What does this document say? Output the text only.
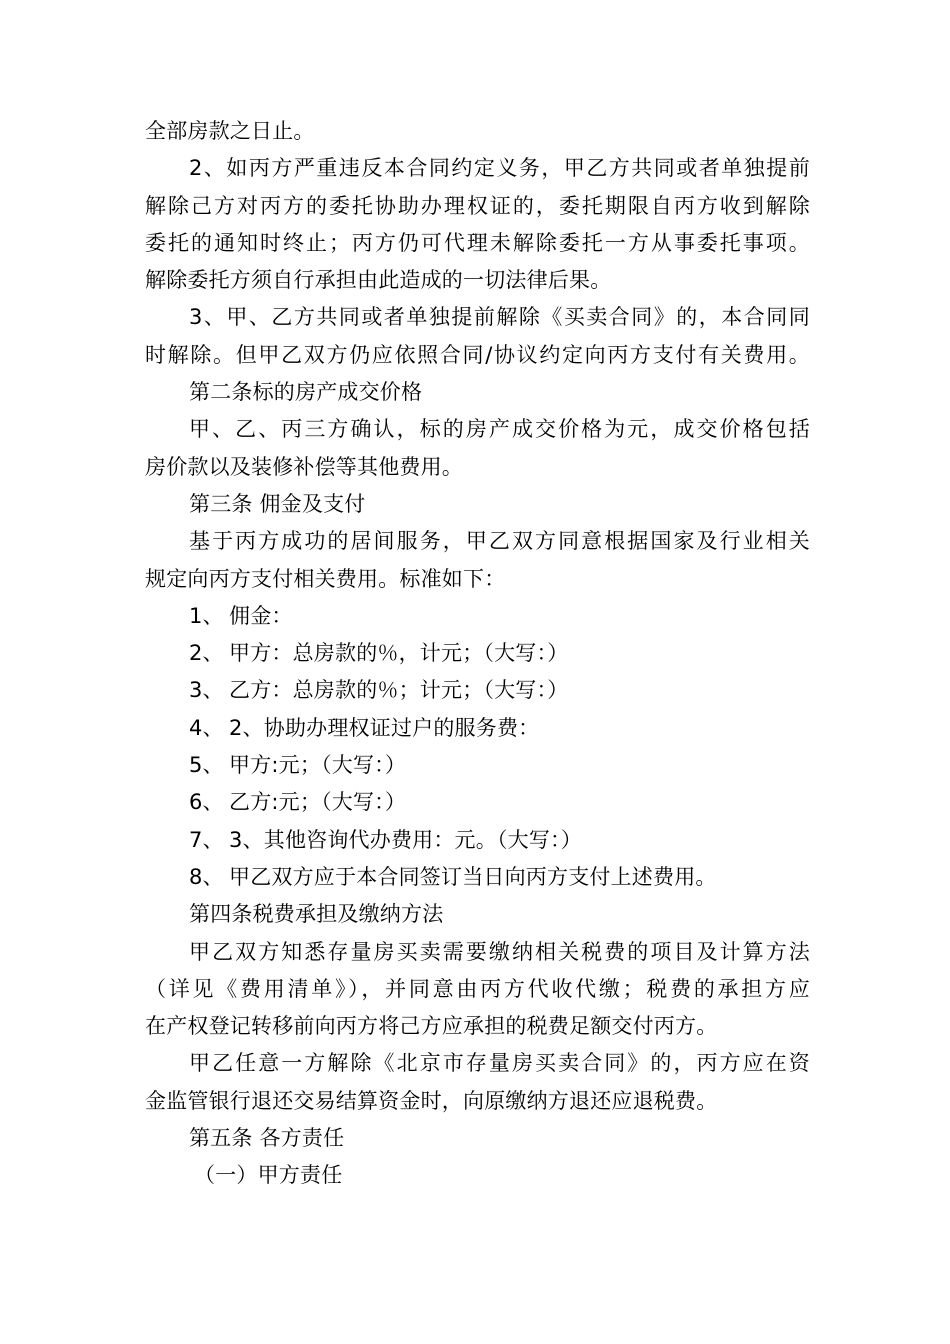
全部房款之日止。
2、如丙方严重违反本合同约定义务，甲乙方共同或者单独提前
解除己方对丙方的委托协助办理权证的，委托期限自丙方收到解除
委托的通知时终止；丙方仍可代理未解除委托一方从事委托事项。
解除委托方须自行承担由此造成的一切法律后果。
3、甲、乙方共同或者单独提前解除《买卖合同》的，本合同同
时解除。但甲乙双方仍应依照合同/协议约定向丙方支付有关费用。
第二条标的房产成交价格
甲、乙、丙三方确认，标的房产成交价格为元，成交价格包括
房价款以及装修补偿等其他费用。
第三条 佣金及支付
基于丙方成功的居间服务，甲乙双方同意根据国家及行业相关
规定向丙方支付相关费用。标准如下：
1、 佣金：
2、 甲方：总房款的％，计元；（大写：）
3、 乙方：总房款的％；计元；（大写：）
4、 2、协助办理权证过户的服务费：
5、 甲方:元；（大写：）
6、 乙方:元；（大写：）
7、 3、其他咨询代办费用：元。（大写：）
8、 甲乙双方应于本合同签订当日向丙方支付上述费用。
第四条税费承担及缴纳方法
甲乙双方知悉存量房买卖需要缴纳相关税费的项目及计算方法
（详见《费用清单》），并同意由丙方代收代缴；税费的承担方应
在产权登记转移前向丙方将己方应承担的税费足额交付丙方。
甲乙任意一方解除《北京市存量房买卖合同》的，丙方应在资
金监管银行退还交易结算资金时，向原缴纳方退还应退税费。
第五条 各方责任
（一）甲方责任
